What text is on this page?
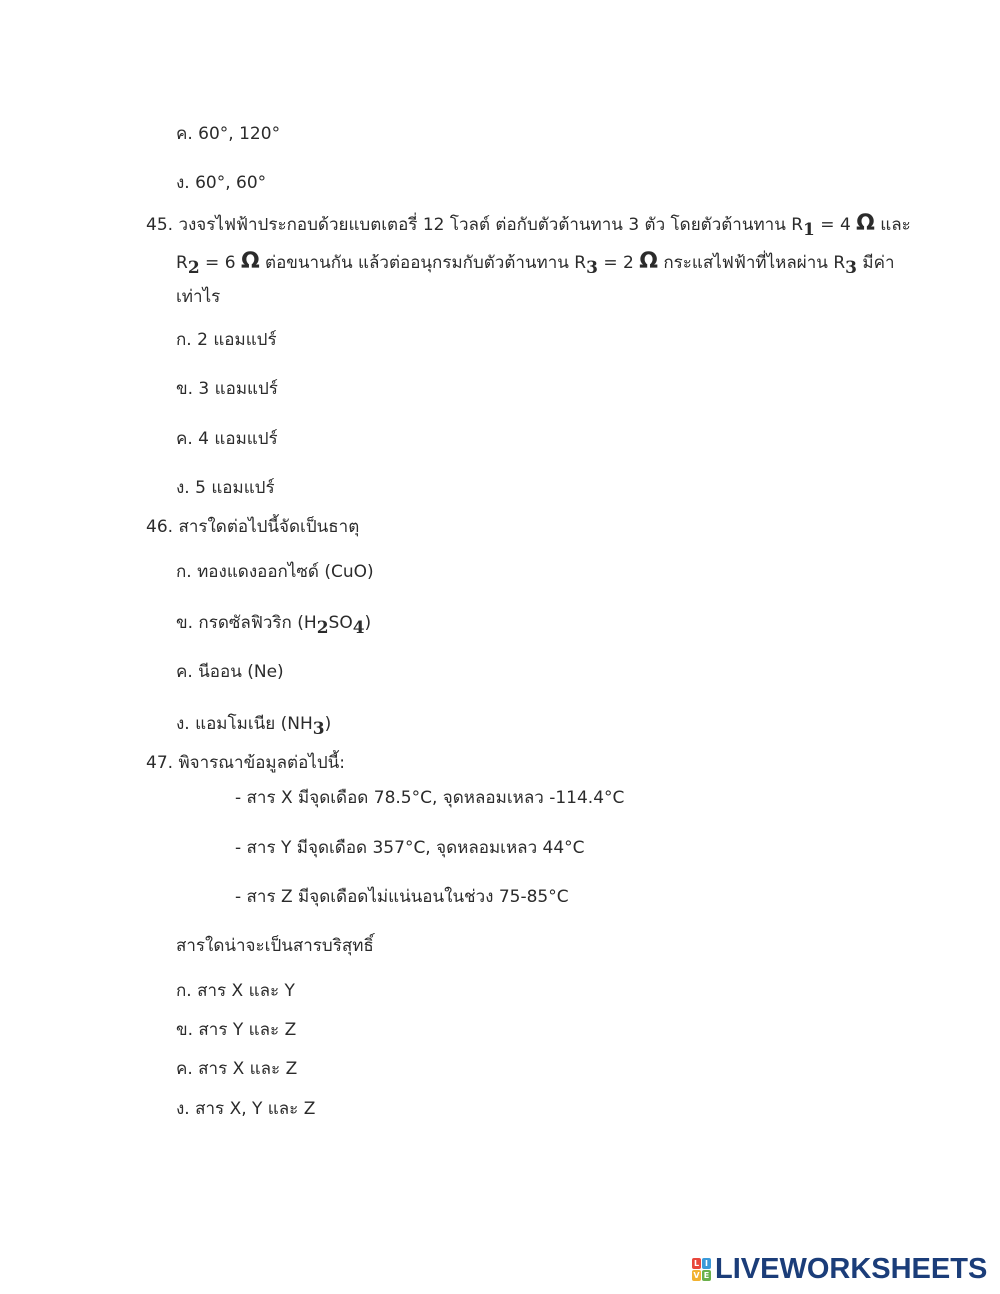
ค. 60°, 120°
ง. 60°, 60°
45. วงจรไฟฟ้าประกอบด้วยแบตเตอรี่ 12 โวลต์ ต่อกับตัวต้านทาน 3 ตัว โดยตัวต้านทาน R1 = 4 Ω และ
R2 = 6 Ω ต่อขนานกัน แล้วต่ออนุกรมกับตัวต้านทาน R3 = 2 Ω กระแสไฟฟ้าที่ไหลผ่าน R3 มีค่า
เท่าไร
ก. 2 แอมแปร์
ข. 3 แอมแปร์
ค. 4 แอมแปร์
ง. 5 แอมแปร์
46. สารใดต่อไปนี้จัดเป็นธาตุ
ก. ทองแดงออกไซด์ (CuO)
ข. กรดซัลฟิวริก (H2SO4)
ค. นีออน (Ne)
ง. แอมโมเนีย (NH3)
47. พิจารณาข้อมูลต่อไปนี้:
- สาร X มีจุดเดือด 78.5°C, จุดหลอมเหลว -114.4°C
- สาร Y มีจุดเดือด 357°C, จุดหลอมเหลว 44°C
- สาร Z มีจุดเดือดไม่แน่นอนในช่วง 75-85°C
สารใดน่าจะเป็นสารบริสุทธิ์
ก. สาร X และ Y
ข. สาร Y และ Z
ค. สาร X และ Z
ง. สาร X, Y และ Z
L I
V E LIVEWORKSHEETS
